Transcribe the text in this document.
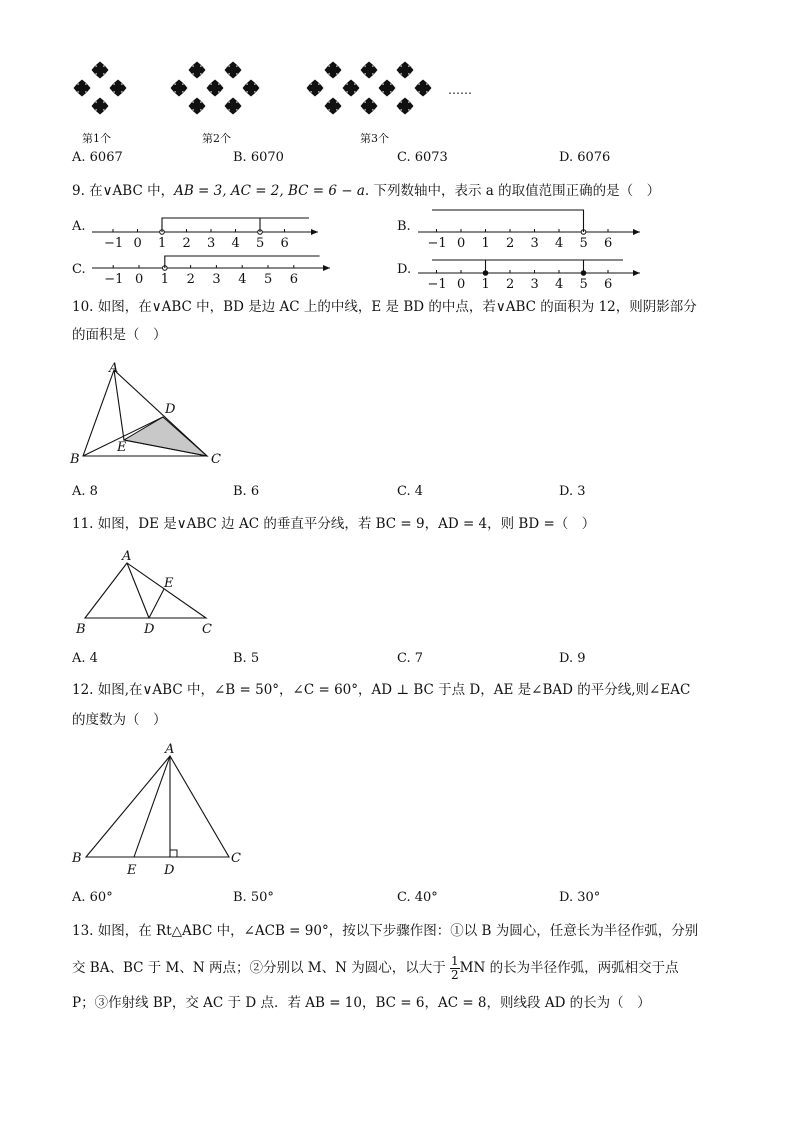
第1个	第2个	第3个
……
A. 6067	B. 6070	C. 6073	D. 6076
9. 在∨ABC 中，AB = 3, AC = 2, BC = 6 − a. 下列数轴中，表示 a 的取值范围正确的是（　）
A.	B.
C.	D.
−1 0 1 2 3 4 5 6	−1 0 1 2 3 4 5 6
−1 0 1 2 3 4 5 6	−1 0 1 2 3 4 5 6
10. 如图，在∨ABC 中，BD 是边 AC 上的中线，E 是 BD 的中点，若∨ABC 的面积为 12，则阴影部分
的面积是（　）
A
B	C
D
E
A. 8	B. 6	C. 4	D. 3
11. 如图，DE 是∨ABC 边 AC 的垂直平分线，若 BC = 9，AD = 4，则 BD =（　）
A
B	C
D
E
A. 4	B. 5	C. 7	D. 9
12. 如图,在∨ABC 中，∠B = 50°，∠C = 60°，AD ⊥ BC 于点 D，AE 是∠BAD 的平分线,则∠EAC
的度数为（　）
A
B	C
D
E
A. 60°	B. 50°	C. 40°	D. 30°
13. 如图，在 Rt△ABC 中，∠ACB = 90°，按以下步骤作图：①以 B 为圆心，任意长为半径作弧，分别
交 BA、BC 于 M、N 两点；②分别以 M、N 为圆心，以大于 $\frac{1}{2}$ MN 的长为半径作弧，两弧相交于点
P；③作射线 BP，交 AC 于 D 点．若 AB = 10，BC = 6，AC = 8，则线段 AD 的长为（　）
